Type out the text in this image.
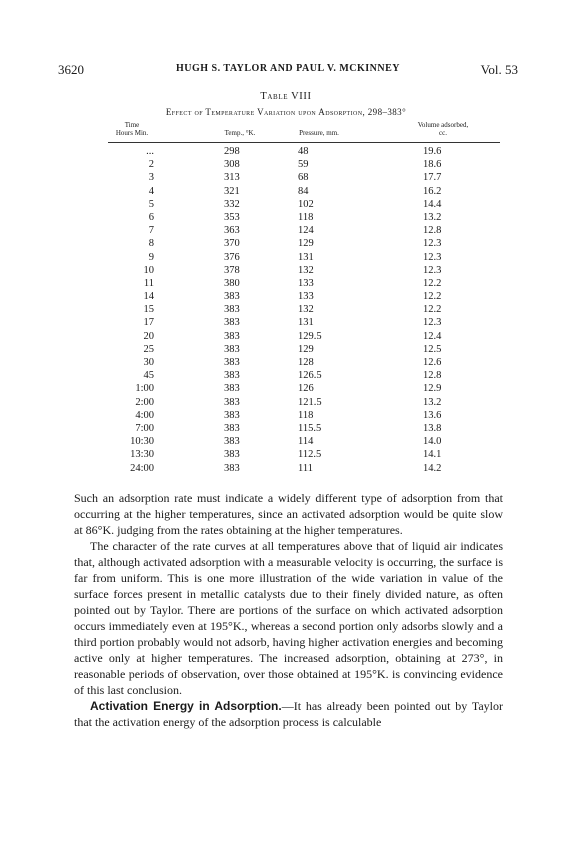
3620	HUGH S. TAYLOR AND PAUL V. MCKINNEY	Vol. 53
Table VIII
Effect of Temperature Variation upon Adsorption, 298–383°
Time
Hours Min.	Temp., °K.	Pressure, mm.
Volume adsorbed,
cc.
...	298	48	19.6
2	308	59	18.6
3	313	68	17.7
4	321	84	16.2
5	332	102	14.4
6	353	118	13.2
7	363	124	12.8
8	370	129	12.3
9	376	131	12.3
10	378	132	12.3
11	380	133	12.2
14	383	133	12.2
15	383	132	12.2
17	383	131	12.3
20	383	129.5	12.4
25	383	129	12.5
30	383	128	12.6
45	383	126.5	12.8
1:00	383	126	12.9
2:00	383	121.5	13.2
4:00	383	118	13.6
7:00	383	115.5	13.8
10:30	383	114	14.0
13:30	383	112.5	14.1
24:00	383	111	14.2

Such an adsorption rate must indicate a widely different type of adsorption from that occurring at the higher temperatures, since an activated adsorption would be quite slow at 86°K. judging from the rates obtaining at the higher temperatures.

The character of the rate curves at all temperatures above that of liquid air indicates that, although activated adsorption with a measurable velocity is occurring, the surface is far from uniform. This is one more illustration of the wide variation in value of the surface forces present in metallic catalysts due to their finely divided nature, as often pointed out by Taylor. There are portions of the surface on which activated adsorption occurs immediately even at 195°K., whereas a second portion only adsorbs slowly and a third portion probably would not adsorb, having higher activation energies and becoming active only at higher temperatures. The increased adsorption, obtaining at 273°, in reasonable periods of observation, over those obtained at 195°K. is convincing evidence of this last conclusion.

Activation Energy in Adsorption.—It has already been pointed out by Taylor that the activation energy of the adsorption process is calculable
